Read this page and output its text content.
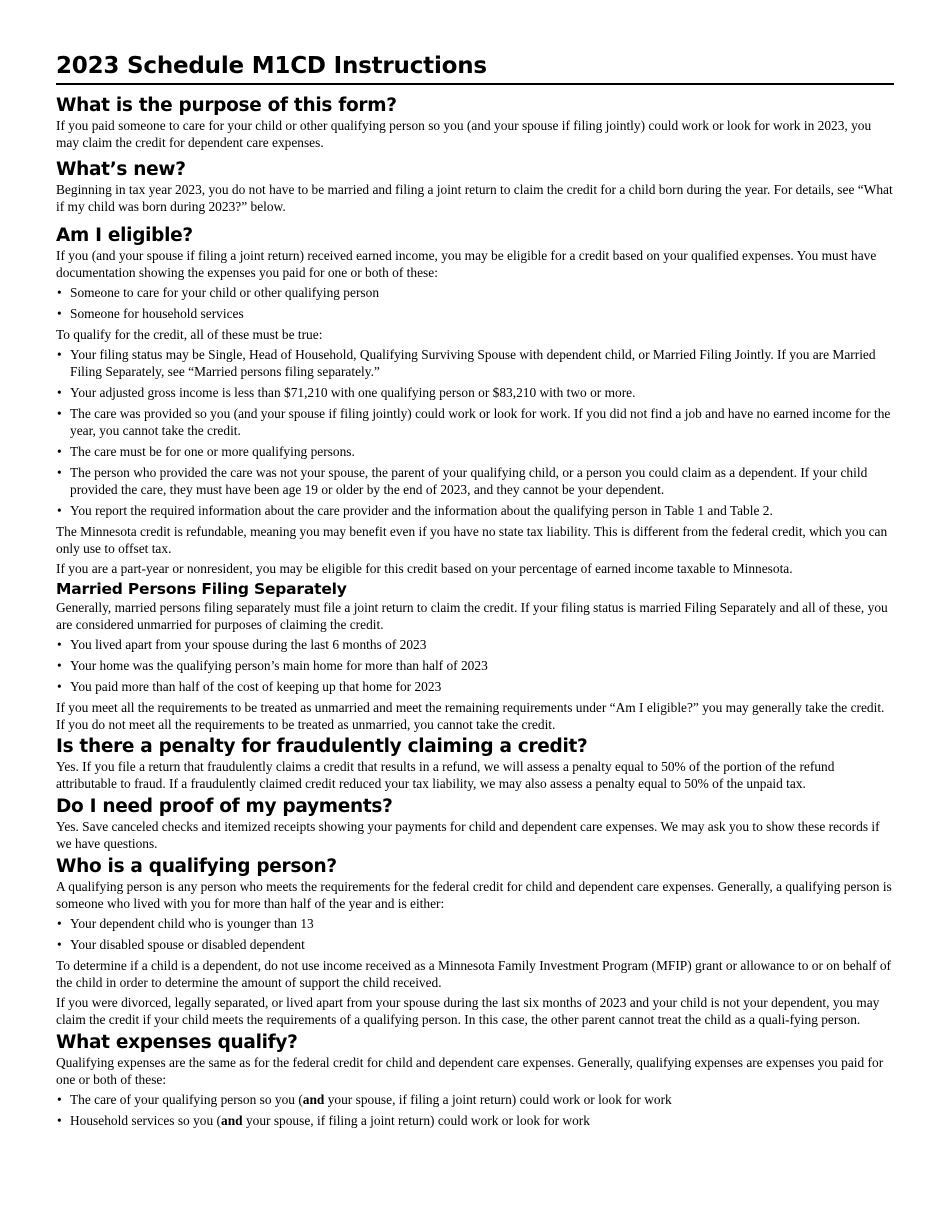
2023 Schedule M1CD Instructions
What is the purpose of this form?

If you paid someone to care for your child or other qualifying person so you (and your spouse if filing jointly) could work or look for work in 2023, you may claim the credit for dependent care expenses.

What’s new?

Beginning in tax year 2023, you do not have to be married and filing a joint return to claim the credit for a child born during the year. For details, see “What if my child was born during 2023?” below.

Am I eligible?

If you (and your spouse if filing a joint return) received earned income, you may be eligible for a credit based on your qualified expenses. You must have documentation showing the expenses you paid for one or both of these:

• Someone to care for your child or other qualifying person
• Someone for household services

To qualify for the credit, all of these must be true:

• Your filing status may be Single, Head of Household, Qualifying Surviving Spouse with dependent child, or Married Filing Jointly. If you are Married Filing Separately, see “Married persons filing separately.”
• Your adjusted gross income is less than $71,210 with one qualifying person or $83,210 with two or more.
• The care was provided so you (and your spouse if filing jointly) could work or look for work. If you did not find a job and have no earned income for the year, you cannot take the credit.
• The care must be for one or more qualifying persons.
• The person who provided the care was not your spouse, the parent of your qualifying child, or a person you could claim as a dependent. If your child provided the care, they must have been age 19 or older by the end of 2023, and they cannot be your dependent.
• You report the required information about the care provider and the information about the qualifying person in Table 1 and Table 2.

The Minnesota credit is refundable, meaning you may benefit even if you have no state tax liability. This is different from the federal credit, which you can only use to offset tax.

If you are a part-year or nonresident, you may be eligible for this credit based on your percentage of earned income taxable to Minnesota.

Married Persons Filing Separately

Generally, married persons filing separately must file a joint return to claim the credit. If your filing status is married Filing Separately and all of these, you are considered unmarried for purposes of claiming the credit.

• You lived apart from your spouse during the last 6 months of 2023
• Your home was the qualifying person’s main home for more than half of 2023
• You paid more than half of the cost of keeping up that home for 2023

If you meet all the requirements to be treated as unmarried and meet the remaining requirements under “Am I eligible?” you may generally take the credit. If you do not meet all the requirements to be treated as unmarried, you cannot take the credit.

Is there a penalty for fraudulently claiming a credit?

Yes. If you file a return that fraudulently claims a credit that results in a refund, we will assess a penalty equal to 50% of the portion of the refund attributable to fraud. If a fraudulently claimed credit reduced your tax liability, we may also assess a penalty equal to 50% of the unpaid tax.

Do I need proof of my payments?

Yes. Save canceled checks and itemized receipts showing your payments for child and dependent care expenses. We may ask you to show these records if we have questions.

Who is a qualifying person?

A qualifying person is any person who meets the requirements for the federal credit for child and dependent care expenses. Generally, a qualifying person is someone who lived with you for more than half of the year and is either:

• Your dependent child who is younger than 13
• Your disabled spouse or disabled dependent

To determine if a child is a dependent, do not use income received as a Minnesota Family Investment Program (MFIP) grant or allowance to or on behalf of the child in order to determine the amount of support the child received.

If you were divorced, legally separated, or lived apart from your spouse during the last six months of 2023 and your child is not your dependent, you may claim the credit if your child meets the requirements of a qualifying person. In this case, the other parent cannot treat the child as a quali-fying person.

What expenses qualify?

Qualifying expenses are the same as for the federal credit for child and dependent care expenses. Generally, qualifying expenses are expenses you paid for one or both of these:

• The care of your qualifying person so you (and your spouse, if filing a joint return) could work or look for work
• Household services so you (and your spouse, if filing a joint return) could work or look for work
